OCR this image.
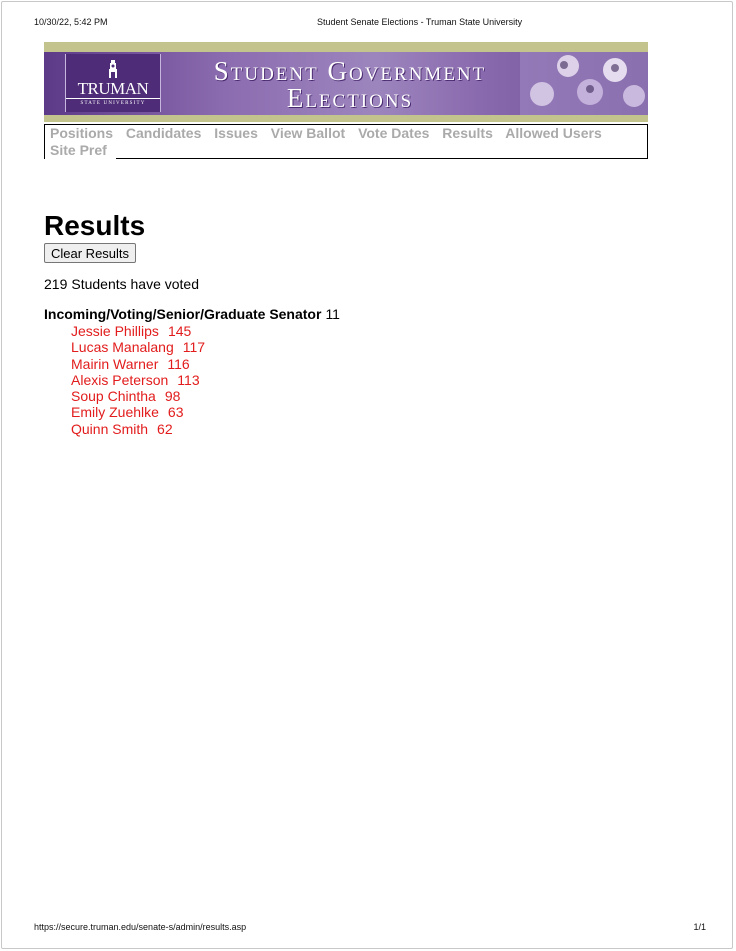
10/30/22, 5:42 PM	Student Senate Elections - Truman State University
TRUMAN
STATE UNIVERSITY
Student Government
Elections
Positions Candidates Issues View Ballot Vote Dates Results Allowed Users Site Pref
Results
Clear Results
219 Students have voted
Incoming/Voting/Senior/Graduate Senator 11
Jessie Phillips 145
Lucas Manalang 117
Mairin Warner 116
Alexis Peterson 113
Soup Chintha 98
Emily Zuehlke 63
Quinn Smith 62
https://secure.truman.edu/senate-s/admin/results.asp	1/1
